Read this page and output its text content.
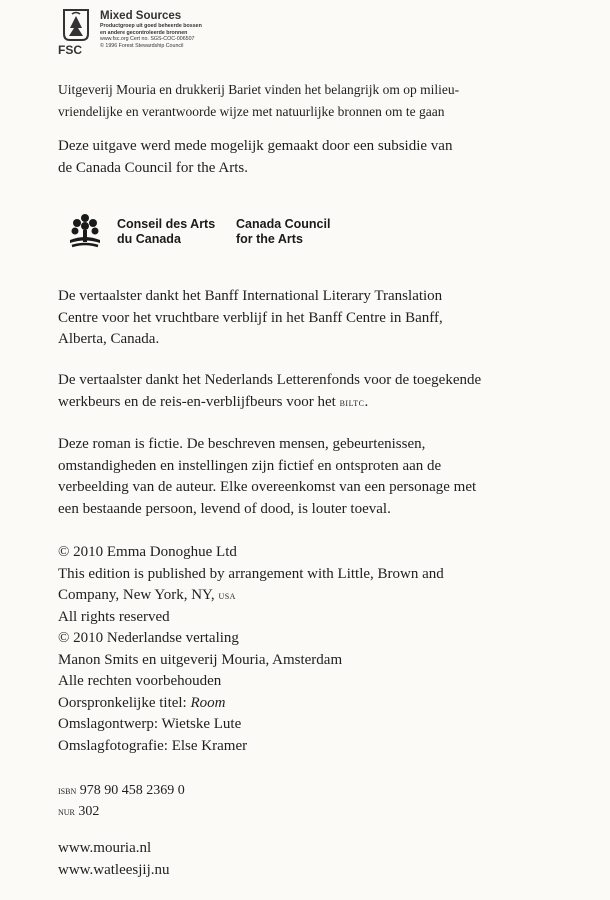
FSC
Mixed Sources
Productgroep uit goed beheerde bossen
en andere gecontroleerde bronnen
www.fsc.org Cert no. SGS-COC-006507
© 1996 Forest Stewardship Council

Uitgeverij Mouria en drukkerij Bariet vinden het belangrijk om op milieu-
vriendelijke en verantwoorde wijze met natuurlijke bronnen om te gaan

Deze uitgave werd mede mogelijk gemaakt door een subsidie van
de Canada Council for the Arts.

Conseil des Arts
du Canada
Canada Council
for the Arts

De vertaalster dankt het Banff International Literary Translation
Centre voor het vruchtbare verblijf in het Banff Centre in Banff,
Alberta, Canada.

De vertaalster dankt het Nederlands Letterenfonds voor de toegekende
werkbeurs en de reis-en-verblijfbeurs voor het biltc.

Deze roman is fictie. De beschreven mensen, gebeurtenissen,
omstandigheden en instellingen zijn fictief en ontsproten aan de
verbeelding van de auteur. Elke overeenkomst van een personage met
een bestaande persoon, levend of dood, is louter toeval.

© 2010 Emma Donoghue Ltd
This edition is published by arrangement with Little, Brown and
Company, New York, NY, usa
All rights reserved
© 2010 Nederlandse vertaling
Manon Smits en uitgeverij Mouria, Amsterdam
Alle rechten voorbehouden
Oorspronkelijke titel: Room
Omslagontwerp: Wietske Lute
Omslagfotografie: Else Kramer

isbn 978 90 458 2369 0
nur 302
www.mouria.nl
www.watleesjij.nu
